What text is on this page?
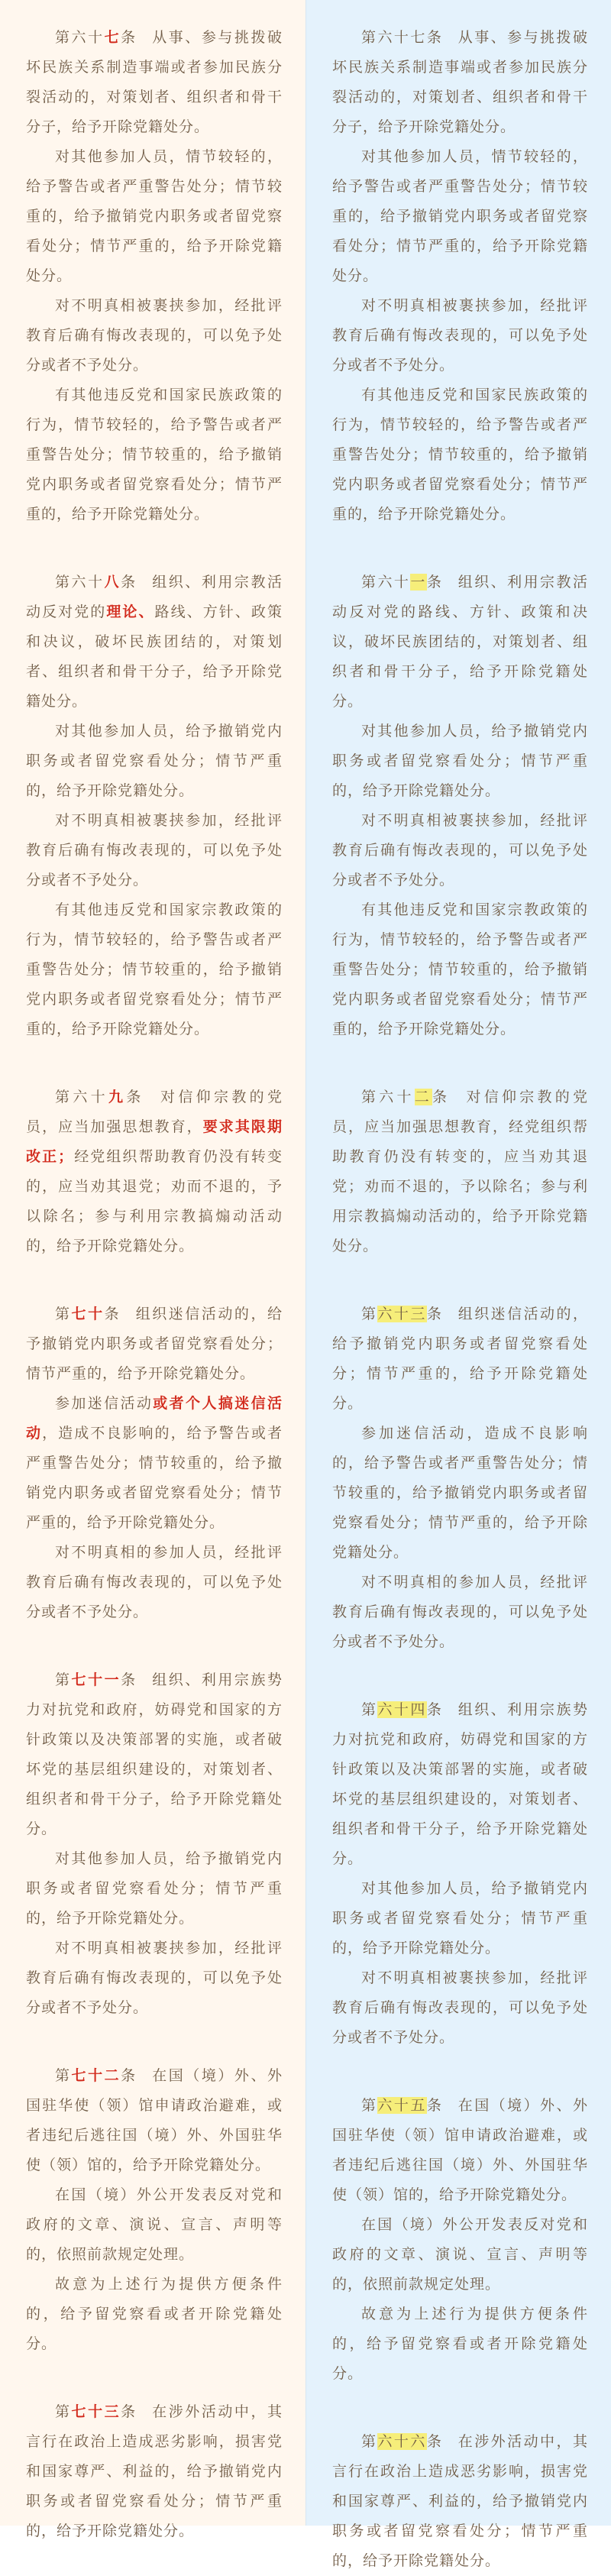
第六十七条 从事、参与挑拨破坏民族关系制造事端或者参加民族分裂活动的，对策划者、组织者和骨干分子，给予开除党籍处分。

对其他参加人员，情节较轻的，给予警告或者严重警告处分；情节较重的，给予撤销党内职务或者留党察看处分；情节严重的，给予开除党籍处分。

对不明真相被裹挟参加，经批评教育后确有悔改表现的，可以免予处分或者不予处分。

有其他违反党和国家民族政策的行为，情节较轻的，给予警告或者严重警告处分；情节较重的，给予撤销党内职务或者留党察看处分；情节严重的，给予开除党籍处分。

第六十八条 组织、利用宗教活动反对党的理论、路线、方针、政策和决议，破坏民族团结的，对策划者、组织者和骨干分子，给予开除党籍处分。

对其他参加人员，给予撤销党内职务或者留党察看处分；情节严重的，给予开除党籍处分。

对不明真相被裹挟参加，经批评教育后确有悔改表现的，可以免予处分或者不予处分。

有其他违反党和国家宗教政策的行为，情节较轻的，给予警告或者严重警告处分；情节较重的，给予撤销党内职务或者留党察看处分；情节严重的，给予开除党籍处分。

第六十九条 对信仰宗教的党员，应当加强思想教育，要求其限期改正；经党组织帮助教育仍没有转变的，应当劝其退党；劝而不退的，予以除名；参与利用宗教搞煽动活动的，给予开除党籍处分。

第七十条 组织迷信活动的，给予撤销党内职务或者留党察看处分；情节严重的，给予开除党籍处分。

参加迷信活动或者个人搞迷信活动，造成不良影响的，给予警告或者严重警告处分；情节较重的，给予撤销党内职务或者留党察看处分；情节严重的，给予开除党籍处分。

对不明真相的参加人员，经批评教育后确有悔改表现的，可以免予处分或者不予处分。

第七十一条 组织、利用宗族势力对抗党和政府，妨碍党和国家的方针政策以及决策部署的实施，或者破坏党的基层组织建设的，对策划者、组织者和骨干分子，给予开除党籍处分。

对其他参加人员，给予撤销党内职务或者留党察看处分；情节严重的，给予开除党籍处分。

对不明真相被裹挟参加，经批评教育后确有悔改表现的，可以免予处分或者不予处分。

第七十二条 在国（境）外、外国驻华使（领）馆申请政治避难，或者违纪后逃往国（境）外、外国驻华使（领）馆的，给予开除党籍处分。

在国（境）外公开发表反对党和政府的文章、演说、宣言、声明等的，依照前款规定处理。

故意为上述行为提供方便条件的，给予留党察看或者开除党籍处分。

第七十三条 在涉外活动中，其言行在政治上造成恶劣影响，损害党和国家尊严、利益的，给予撤销党内职务或者留党察看处分；情节严重的，给予开除党籍处分。

第六十七条 从事、参与挑拨破坏民族关系制造事端或者参加民族分裂活动的，对策划者、组织者和骨干分子，给予开除党籍处分。

对其他参加人员，情节较轻的，给予警告或者严重警告处分；情节较重的，给予撤销党内职务或者留党察看处分；情节严重的，给予开除党籍处分。

对不明真相被裹挟参加，经批评教育后确有悔改表现的，可以免予处分或者不予处分。

有其他违反党和国家民族政策的行为，情节较轻的，给予警告或者严重警告处分；情节较重的，给予撤销党内职务或者留党察看处分；情节严重的，给予开除党籍处分。

第六十一条 组织、利用宗教活动反对党的路线、方针、政策和决议，破坏民族团结的，对策划者、组织者和骨干分子，给予开除党籍处分。

对其他参加人员，给予撤销党内职务或者留党察看处分；情节严重的，给予开除党籍处分。

对不明真相被裹挟参加，经批评教育后确有悔改表现的，可以免予处分或者不予处分。

有其他违反党和国家宗教政策的行为，情节较轻的，给予警告或者严重警告处分；情节较重的，给予撤销党内职务或者留党察看处分；情节严重的，给予开除党籍处分。

第六十二条 对信仰宗教的党员，应当加强思想教育，经党组织帮助教育仍没有转变的，应当劝其退党；劝而不退的，予以除名；参与利用宗教搞煽动活动的，给予开除党籍处分。

第六十三条 组织迷信活动的，给予撤销党内职务或者留党察看处分；情节严重的，给予开除党籍处分。

参加迷信活动，造成不良影响的，给予警告或者严重警告处分；情节较重的，给予撤销党内职务或者留党察看处分；情节严重的，给予开除党籍处分。

对不明真相的参加人员，经批评教育后确有悔改表现的，可以免予处分或者不予处分。

第六十四条 组织、利用宗族势力对抗党和政府，妨碍党和国家的方针政策以及决策部署的实施，或者破坏党的基层组织建设的，对策划者、组织者和骨干分子，给予开除党籍处分。

对其他参加人员，给予撤销党内职务或者留党察看处分；情节严重的，给予开除党籍处分。

对不明真相被裹挟参加，经批评教育后确有悔改表现的，可以免予处分或者不予处分。

第六十五条 在国（境）外、外国驻华使（领）馆申请政治避难，或者违纪后逃往国（境）外、外国驻华使（领）馆的，给予开除党籍处分。

在国（境）外公开发表反对党和政府的文章、演说、宣言、声明等的，依照前款规定处理。

故意为上述行为提供方便条件的，给予留党察看或者开除党籍处分。

第六十六条 在涉外活动中，其言行在政治上造成恶劣影响，损害党和国家尊严、利益的，给予撤销党内职务或者留党察看处分；情节严重的，给予开除党籍处分。
